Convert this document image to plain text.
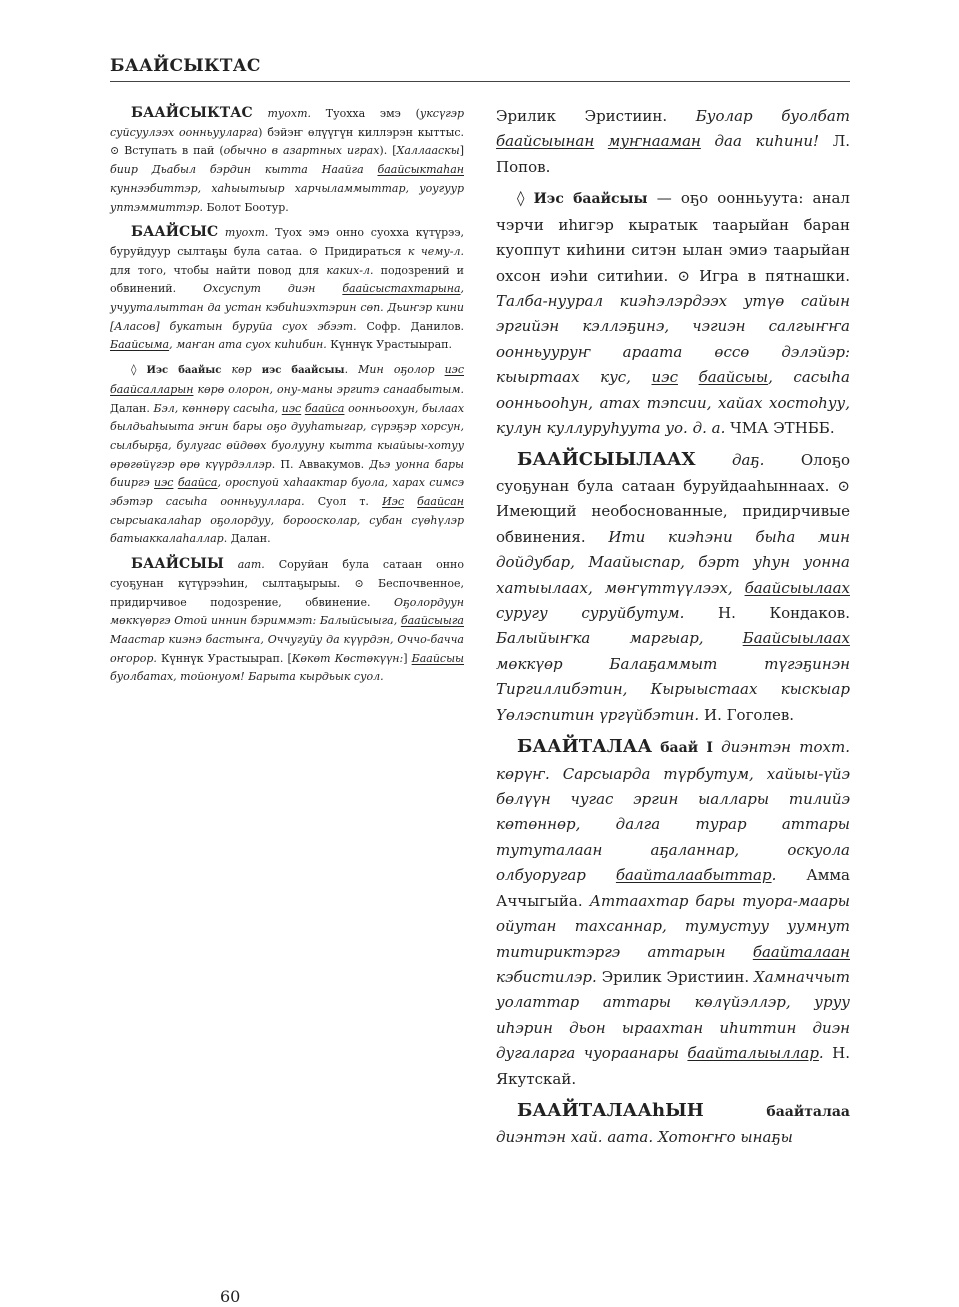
БААЙСЫКТАС

БААЙСЫКТАС туохт. Туохха эмэ (уксүгэр суйсуулээх оонньууларга) бэйэҥ өлүүгүн киллэрэн кыттыс. ⊙ Вступать в пай (обычно в азартных играх). [Халлааскы] биир Дьабыл бэрдин кытта Наайга баайсыктаhан куннээбиттэр, хаhыытыыр харчыламмыттар, уоугуур уптэммиттэр. Болот Боотур.

БААЙСЫС туохт. Туох эмэ онно суохха күтүрээ, буруйдуур сылтаҕы була сатаа. ⊙ Придираться к чему-л. для того, чтобы найти повод для каких-л. подозрений и обвинений. Охсуспут диэн баайсыстахтарына, учууталыттан да устан кэбиhиэхтэрин сөп. Дьиҥэр кини [Аласов] букатын буруйа суох эбээт. Софр. Данилов. Баайсыма, маҥан ата суох киhибин. Күннүк Урастыырап.

◊ Иэс баайыс көр иэс баайсыы. Мин оҕолор иэс баайсалларын көрө олорон, ону-маны эргитэ санаабытым. Далан. Бэл, көннөрү сасыhа, иэс баайса оонньоохун, былаах былдьаhыыта эҥин бары оҕо дууhатыгар, сүрэҕэр хорсун, сылбырҕа, булугас өйдөөх буолууну кытта кыайыы-хотуу өрөгөйүгэр өрө күүрдэллэр. П. Аввакумов. Дьэ уонна бары бииргэ иэс баайса, ороспуой хаhаактар буола, харах симсэ эбэтэр сасыhа оонньууллара. Суол т. Иэс баайсан сырсыакалаhар оҕолордуу, бороосколар, субан сүөhүлэр батыаккалаhаллар. Далан.

БААЙСЫЫ аат. Соруйан була сатаан онно суоҕунан күтүрээhин, сылтаҕырыы. ⊙ Беспочвенное, придирчивое подозрение, обвинение. Оҕолордуун мөккүөргэ Отой иннин бэриммэт: Балыйсыыга, баайсыыга Маастар киэнэ бастыҥа, Оччугуйу да күүрдэн, Оччо-бачча оҥорор. Күннүк Урастыырап. [Көкөт Көстөкүүн:] Баайсыы буолбатах, тойонуом! Барыта кырдьык суол.

60

Эрилик Эристиин. Буолар буолбат баайсыынан муҥнааман даа киhини! Л. Попов.

◊ Иэс баайсыы — оҕо оонньуута: анал чэрчи иhигэр кыратык таарыйан баран куоппут киhини ситэн ылан эмиэ таарыйан охсон иэhи ситиhии. ⊙ Игра в пятнашки. Талба-нуурал киэhэлэрдээх утүө сайын эргийэн кэллэҕинэ, чэгиэн салгыҥҥа оонньууруҥ араата өссө дэлэйэр: кыыртаах кус, иэс баайсыы, сасыhа оонньооhун, атах тэпсии, хайах хостоhуу, кулун куллуруhуута уо. д. а. ЧМА ЭТНББ.

БААЙСЫЫЛААХ даҕ. Олоҕо суоҕунан була сатаан буруйдааhыннаах. ⊙ Имеющий необоснованные, придирчивые обвинения. Ити киэhэни быhа мин дойдубар, Маайыспар, бэрт уhун уонна хатыылаах, мөҥүттүүлээх, баайсыылаах суругу суруйбутум. Н. Кондаков. Балыйыҥка маргыар,	Баайсыылаах мөккүөр Балаҕаммыт түгэҕинэн Тиргиллибэтин, Кырыыстаах кыскыар Үөлэспитин үргүйбэтин. И. Гоголев.

БААЙТАЛАА баай I диэнтэн тохт. көрүҥ. Сарсыарда түрбутум, хайыы-үйэ бөлүүн чугас эргин ыаллары тилийэ көтөннөр, далга турар аттары тутуталаан аҕаланнар, оскуола олбуоругар баайталаабыттар. Амма Аччыгыйа. Аттаахтар бары туора-маары ойутан тахсаннар, тумустуу уумнут титириктэргэ аттарын баайталаан кэбистилэр. Эрилик Эристиин. Хамначчыт уолаттар аттары көлүйэллэр, уруу иhэрин дьон ыраахтан иhиттин диэн дугаларга чуораанары баайталыыллар. Н. Якутскай.

БААЙТАЛААhЫН	баайталаа диэнтэн хай. аата. Хотоҥҥо ынаҕы
